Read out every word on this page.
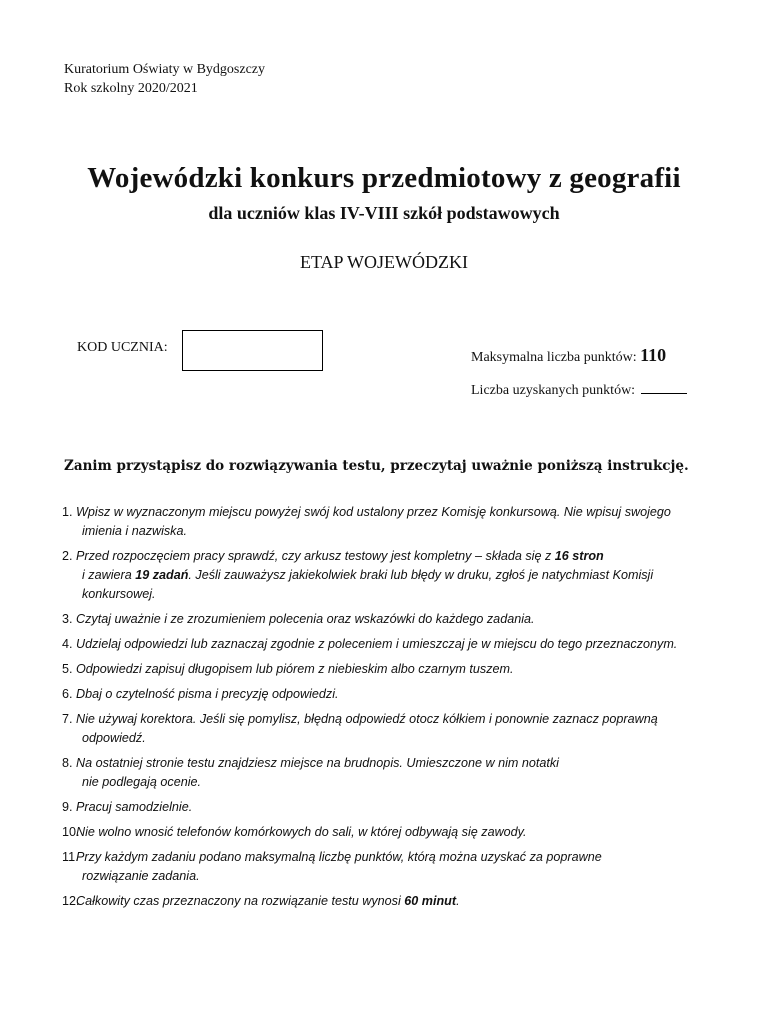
Kuratorium Oświaty w Bydgoszczy
Rok szkolny 2020/2021
Wojewódzki konkurs przedmiotowy z geografii
dla uczniów klas IV-VIII szkół podstawowych
ETAP WOJEWÓDZKI
KOD UCZNIA:
Maksymalna liczba punktów: 110
Liczba uzyskanych punktów:
Zanim przystąpisz do rozwiązywania testu, przeczytaj uważnie poniższą instrukcję.
1. Wpisz w wyznaczonym miejscu powyżej swój kod ustalony przez Komisję konkursową. Nie wpisuj swojego
imienia i nazwiska.
2. Przed rozpoczęciem pracy sprawdź, czy arkusz testowy jest kompletny – składa się z 16 stron
i zawiera 19 zadań. Jeśli zauważysz jakiekolwiek braki lub błędy w druku, zgłoś je natychmiast Komisji
konkursowej.
3. Czytaj uważnie i ze zrozumieniem polecenia oraz wskazówki do każdego zadania.
4. Udzielaj odpowiedzi lub zaznaczaj zgodnie z poleceniem i umieszczaj je w miejscu do tego przeznaczonym.
5. Odpowiedzi zapisuj długopisem lub piórem z niebieskim albo czarnym tuszem.
6. Dbaj o czytelność pisma i precyzję odpowiedzi.
7. Nie używaj korektora. Jeśli się pomylisz, błędną odpowiedź otocz kółkiem i ponownie zaznacz poprawną
odpowiedź.
8. Na ostatniej stronie testu znajdziesz miejsce na brudnopis. Umieszczone w nim notatki
nie podlegają ocenie.
9. Pracuj samodzielnie.
10.
Nie wolno wnosić telefonów komórkowych do sali, w której odbywają się zawody.
11.
Przy każdym zadaniu podano maksymalną liczbę punktów, którą można uzyskać za poprawne
rozwiązanie zadania.
12.
Całkowity czas przeznaczony na rozwiązanie testu wynosi 60 minut.
